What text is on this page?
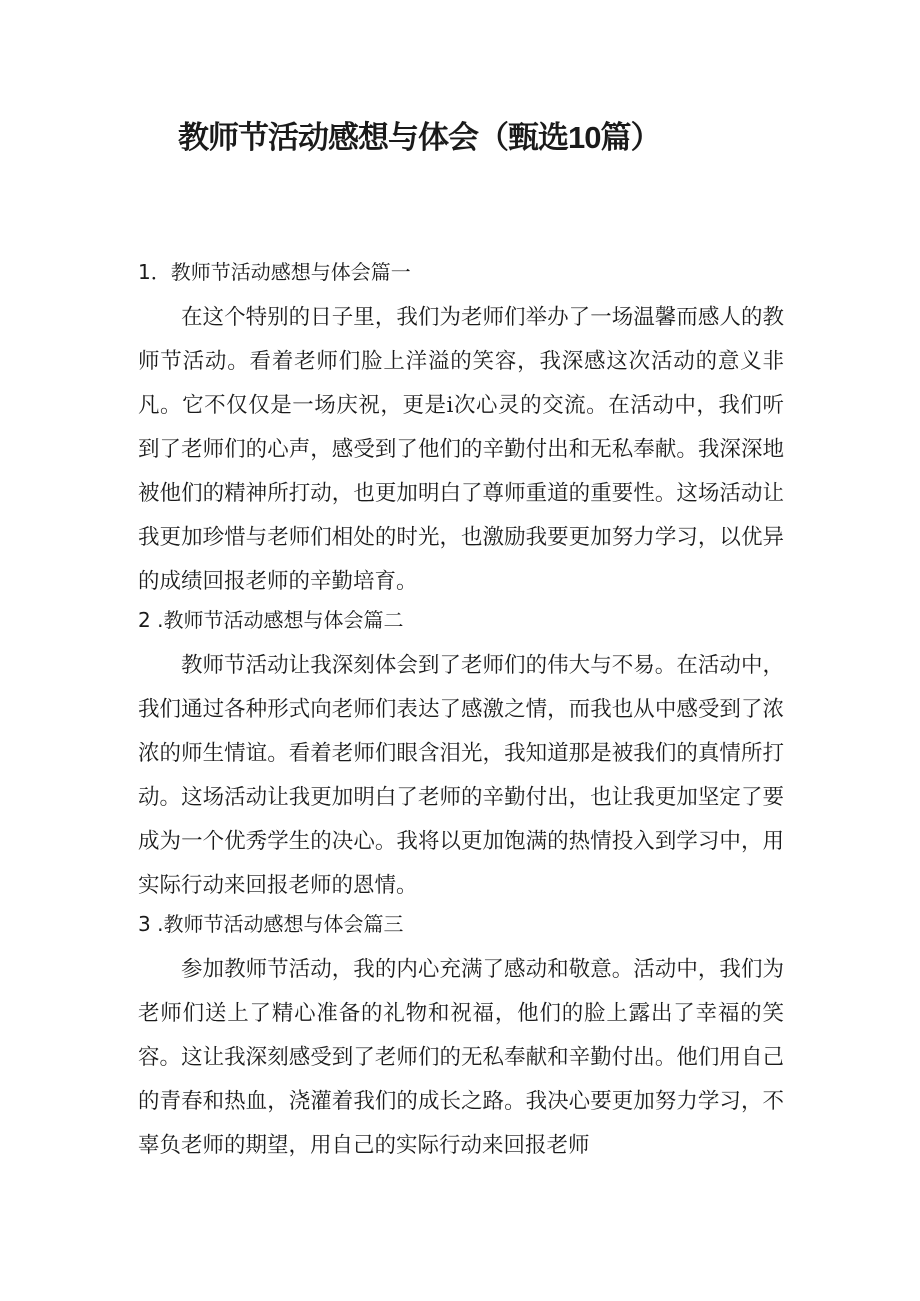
教师节活动感想与体会（甄选10篇）
1．教师节活动感想与体会篇一

在这个特别的日子里，我们为老师们举办了一场温馨而感人的教师节活动。看着老师们脸上洋溢的笑容，我深感这次活动的意义非凡。它不仅仅是一场庆祝，更是i次心灵的交流。在活动中，我们听到了老师们的心声，感受到了他们的辛勤付出和无私奉献。我深深地被他们的精神所打动，也更加明白了尊师重道的重要性。这场活动让我更加珍惜与老师们相处的时光，也激励我要更加努力学习，以优异的成绩回报老师的辛勤培育。

2 .教师节活动感想与体会篇二

教师节活动让我深刻体会到了老师们的伟大与不易。在活动中，我们通过各种形式向老师们表达了感激之情，而我也从中感受到了浓浓的师生情谊。看着老师们眼含泪光，我知道那是被我们的真情所打动。这场活动让我更加明白了老师的辛勤付出，也让我更加坚定了要成为一个优秀学生的决心。我将以更加饱满的热情投入到学习中，用实际行动来回报老师的恩情。

3 .教师节活动感想与体会篇三

参加教师节活动，我的内心充满了感动和敬意。活动中，我们为老师们送上了精心准备的礼物和祝福，他们的脸上露出了幸福的笑容。这让我深刻感受到了老师们的无私奉献和辛勤付出。他们用自己的青春和热血，浇灌着我们的成长之路。我决心要更加努力学习，不辜负老师的期望，用自己的实际行动来回报老师
